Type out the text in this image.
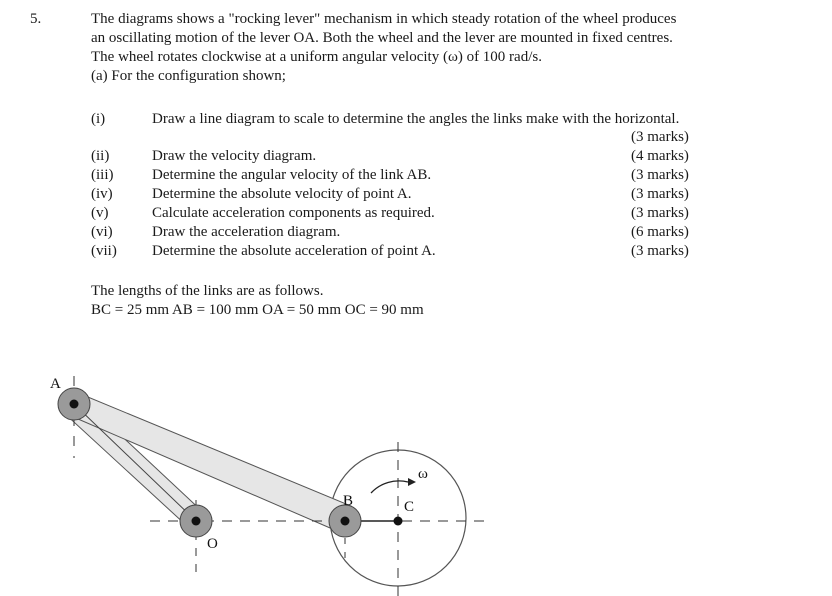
5.	The diagrams shows a "rocking lever" mechanism in which steady rotation of the wheel produces
an oscillating motion of the lever OA. Both the wheel and the lever are mounted in fixed centres.
The wheel rotates clockwise at a uniform angular velocity (ω) of 100 rad/s.
(a) For the configuration shown;
(i)	Draw a line diagram to scale to determine the angles the links make with the horizontal.
(3 marks)
(ii)	Draw the velocity diagram.	(4 marks)
(iii)	Determine the angular velocity of the link AB.	(3 marks)
(iv)	Determine the absolute velocity of point A.	(3 marks)
(v)	Calculate acceleration components as required.	(3 marks)
(vi)	Draw the acceleration diagram.	(6 marks)
(vii) Determine the absolute acceleration of point A.	(3 marks)
The lengths of the links are as follows.
BC = 25 mm AB = 100 mm OA = 50 mm OC = 90 mm
A
B	C
O
ω
